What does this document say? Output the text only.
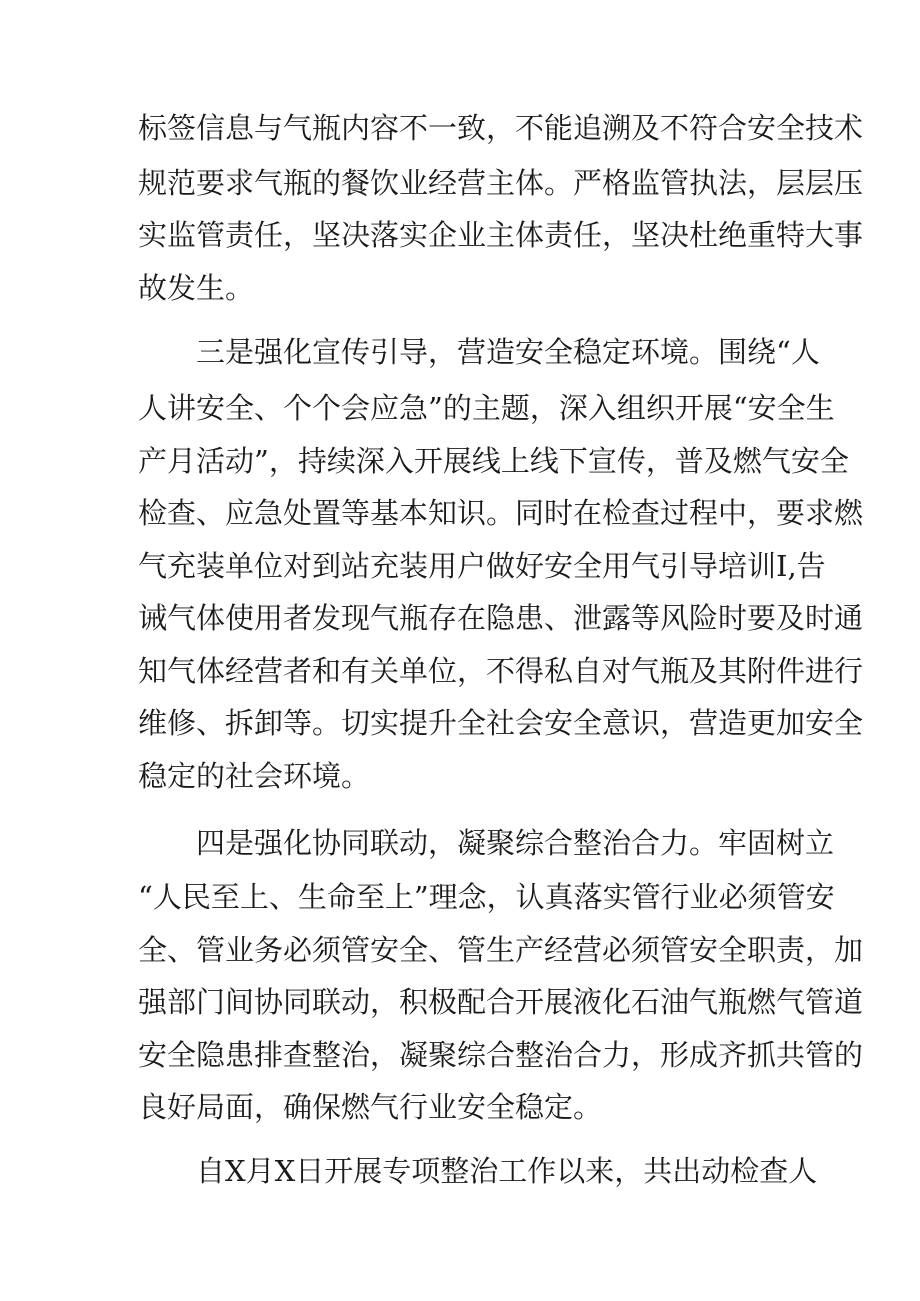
标签信息与气瓶内容不一致，不能追溯及不符合安全技术
规范要求气瓶的餐饮业经营主体。严格监管执法，层层压
实监管责任，坚决落实企业主体责任，坚决杜绝重特大事
故发生。
三是强化宣传引导，营造安全稳定环境。围绕“人
人讲安全、个个会应急”的主题，深入组织开展“安全生
产月活动”，持续深入开展线上线下宣传，普及燃气安全
检查、应急处置等基本知识。同时在检查过程中，要求燃
气充装单位对到站充装用户做好安全用气引导培训I,告
诫气体使用者发现气瓶存在隐患、泄露等风险时要及时通
知气体经营者和有关单位，不得私自对气瓶及其附件进行
维修、拆卸等。切实提升全社会安全意识，营造更加安全
稳定的社会环境。
四是强化协同联动，凝聚综合整治合力。牢固树立
“人民至上、生命至上”理念，认真落实管行业必须管安
全、管业务必须管安全、管生产经营必须管安全职责，加
强部门间协同联动，积极配合开展液化石油气瓶燃气管道
安全隐患排查整治，凝聚综合整治合力，形成齐抓共管的
良好局面，确保燃气行业安全稳定。
自X月X日开展专项整治工作以来，共出动检查人
